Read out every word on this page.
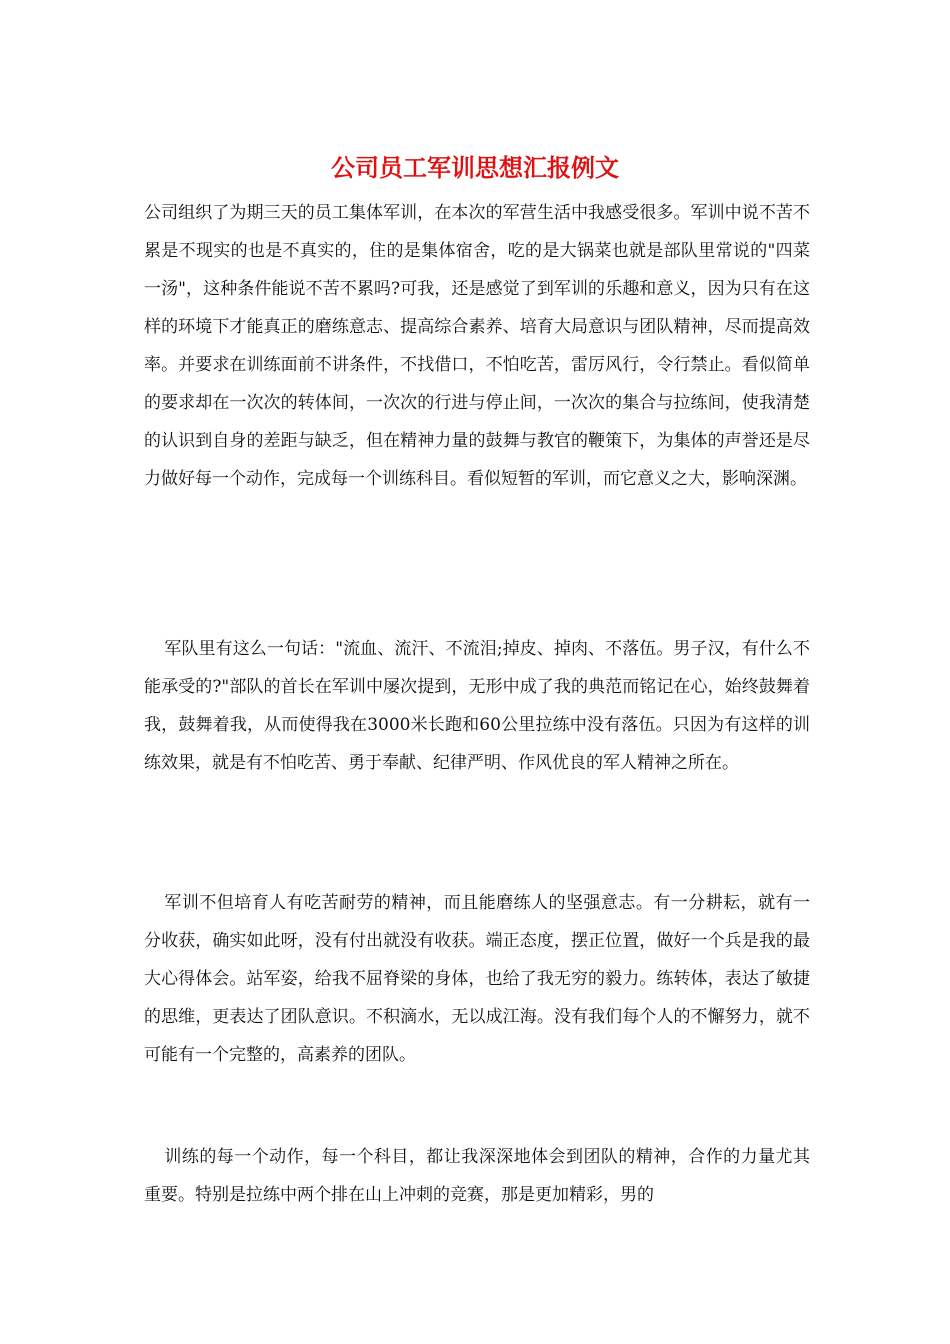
公司员工军训思想汇报例文

公司组织了为期三天的员工集体军训，在本次的军营生活中我感受很多。军训中说不苦不累是不现实的也是不真实的，住的是集体宿舍，吃的是大锅菜也就是部队里常说的"四菜一汤"，这种条件能说不苦不累吗?可我，还是感觉了到军训的乐趣和意义，因为只有在这样的环境下才能真正的磨练意志、提高综合素养、培育大局意识与团队精神，尽而提高效率。并要求在训练面前不讲条件，不找借口，不怕吃苦，雷厉风行，令行禁止。看似简单的要求却在一次次的转体间，一次次的行进与停止间，一次次的集合与拉练间，使我清楚的认识到自身的差距与缺乏，但在精神力量的鼓舞与教官的鞭策下，为集体的声誉还是尽力做好每一个动作，完成每一个训练科目。看似短暂的军训，而它意义之大，影响深渊。

军队里有这么一句话："流血、流汗、不流泪;掉皮、掉肉、不落伍。男子汉，有什么不能承受的?"部队的首长在军训中屡次提到，无形中成了我的典范而铭记在心，始终鼓舞着我，鼓舞着我，从而使得我在3000米长跑和60公里拉练中没有落伍。只因为有这样的训练效果，就是有不怕吃苦、勇于奉献、纪律严明、作风优良的军人精神之所在。

军训不但培育人有吃苦耐劳的精神，而且能磨练人的坚强意志。有一分耕耘，就有一分收获，确实如此呀，没有付出就没有收获。端正态度，摆正位置，做好一个兵是我的最大心得体会。站军姿，给我不屈脊梁的身体，也给了我无穷的毅力。练转体，表达了敏捷的思维，更表达了团队意识。不积滴水，无以成江海。没有我们每个人的不懈努力，就不可能有一个完整的，高素养的团队。

训练的每一个动作，每一个科目，都让我深深地体会到团队的精神，合作的力量尤其重要。特别是拉练中两个排在山上冲刺的竞赛，那是更加精彩，男的
